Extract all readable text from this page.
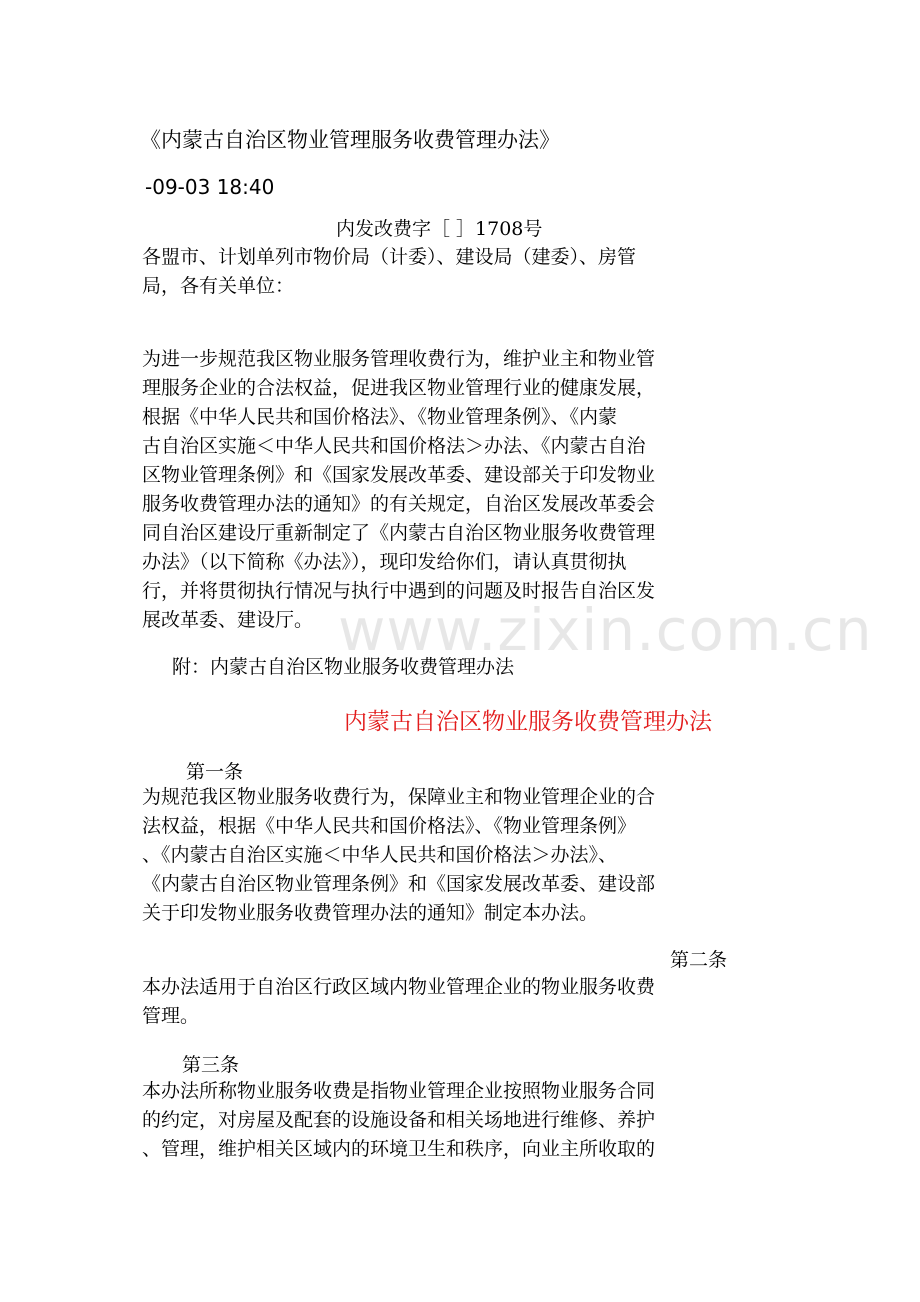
《内蒙古自治区物业管理服务收费管理办法》
-09-03 18:40
内发改费字［ ］1708号
各盟市、计划单列市物价局（计委）、建设局（建委）、房管
局，各有关单位：
为进一步规范我区物业服务管理收费行为，维护业主和物业管
理服务企业的合法权益，促进我区物业管理行业的健康发展，
根据《中华人民共和国价格法》、《物业管理条例》、《内蒙
古自治区实施＜中华人民共和国价格法＞办法、《内蒙古自治
区物业管理条例》和《国家发展改革委、建设部关于印发物业
服务收费管理办法的通知》的有关规定，自治区发展改革委会
同自治区建设厅重新制定了《内蒙古自治区物业服务收费管理
办法》（以下简称《办法》），现印发给你们，请认真贯彻执
行，并将贯彻执行情况与执行中遇到的问题及时报告自治区发
展改革委、建设厅。 www.zixin.com.cn
附：内蒙古自治区物业服务收费管理办法
内蒙古自治区物业服务收费管理办法
第一条
为规范我区物业服务收费行为，保障业主和物业管理企业的合
法权益，根据《中华人民共和国价格法》、《物业管理条例》
、《内蒙古自治区实施＜中华人民共和国价格法＞办法》、
《内蒙古自治区物业管理条例》和《国家发展改革委、建设部
关于印发物业服务收费管理办法的通知》制定本办法。
第二条
本办法适用于自治区行政区域内物业管理企业的物业服务收费
管理。
第三条
本办法所称物业服务收费是指物业管理企业按照物业服务合同
的约定，对房屋及配套的设施设备和相关场地进行维修、养护
、管理，维护相关区域内的环境卫生和秩序，向业主所收取的
